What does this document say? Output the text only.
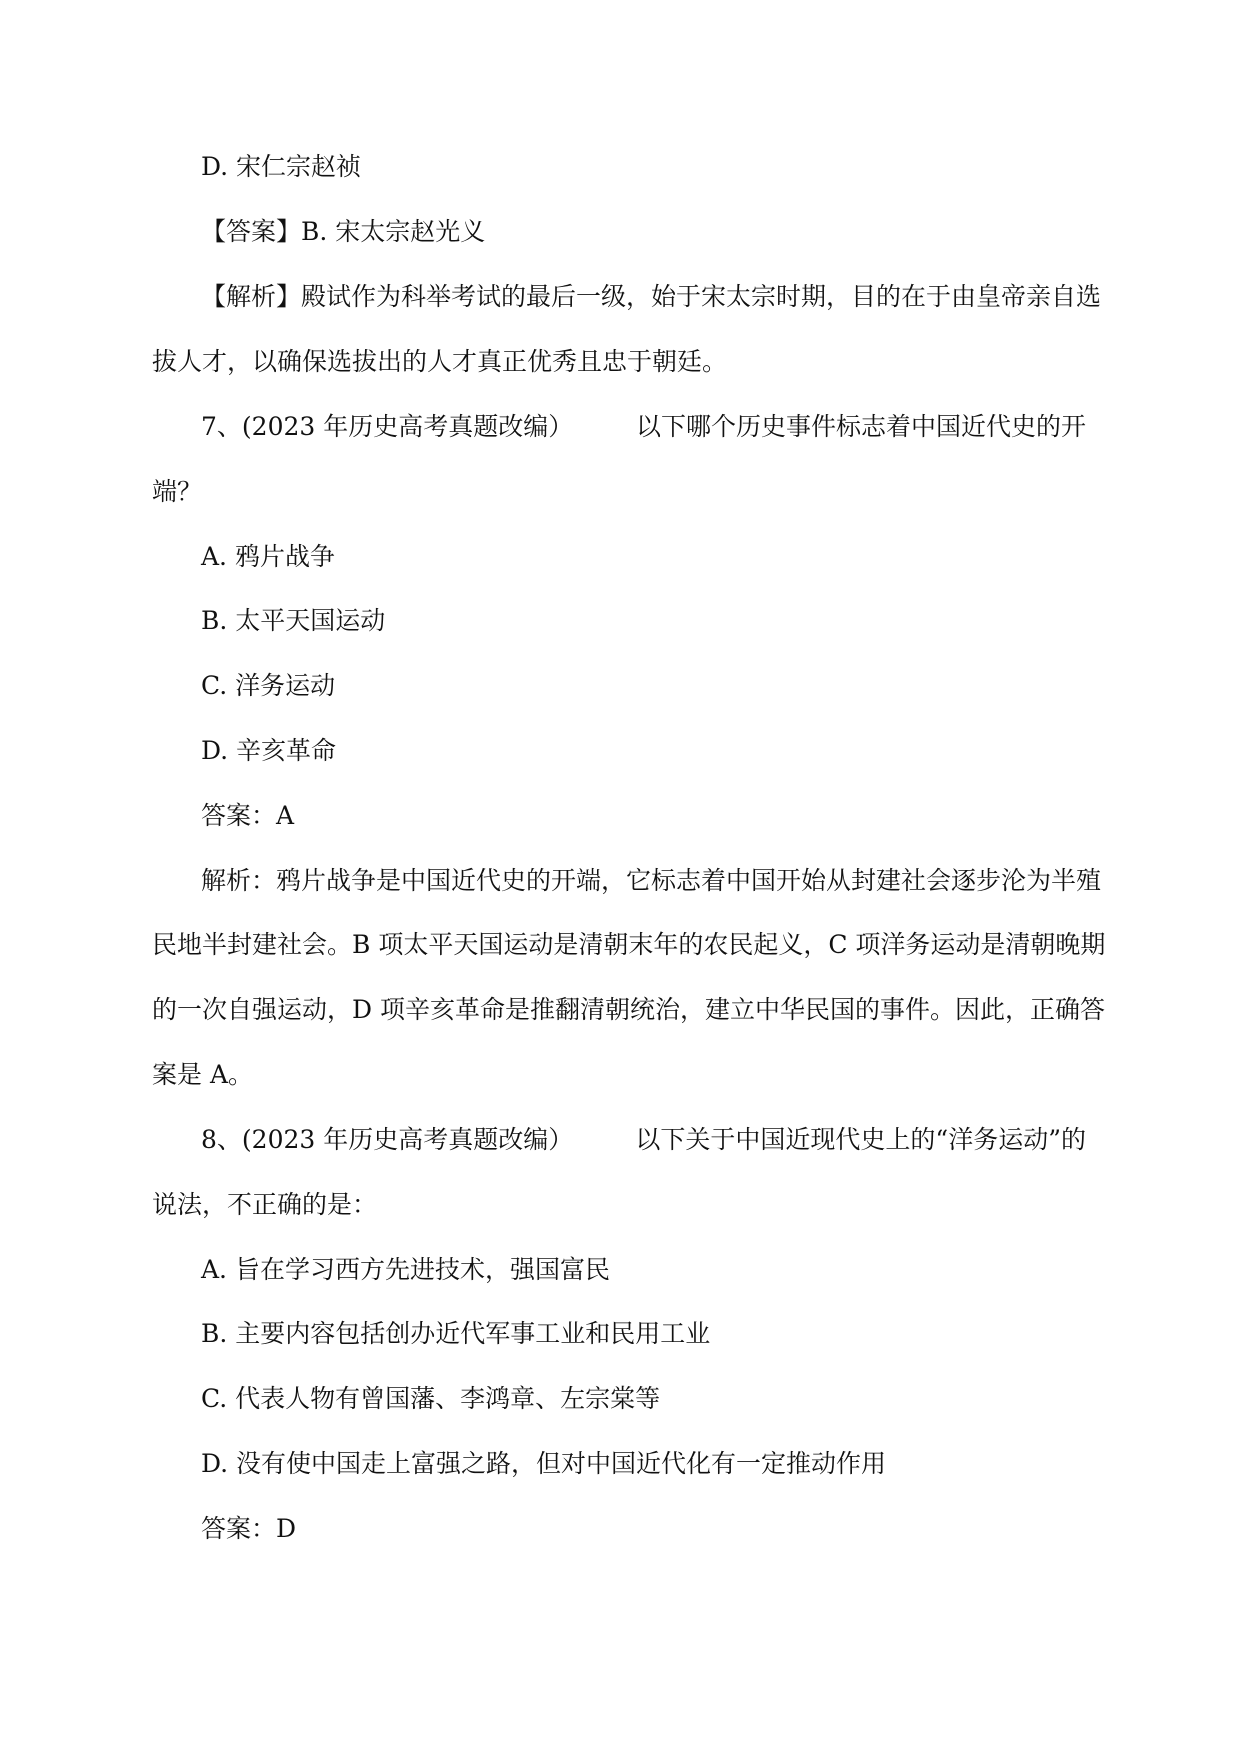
D. 宋仁宗赵祯
【答案】B. 宋太宗赵光义
【解析】殿试作为科举考试的最后一级，始于宋太宗时期，目的在于由皇帝亲自选
拔人才，以确保选拔出的人才真正优秀且忠于朝廷。
7、(2023 年历史高考真题改编）	以下哪个历史事件标志着中国近代史的开
端？
A. 鸦片战争
B. 太平天国运动
C. 洋务运动
D. 辛亥革命
答案：A
解析：鸦片战争是中国近代史的开端，它标志着中国开始从封建社会逐步沦为半殖
民地半封建社会。B 项太平天国运动是清朝末年的农民起义，C 项洋务运动是清朝晚期
的一次自强运动，D 项辛亥革命是推翻清朝统治，建立中华民国的事件。因此，正确答
案是 A。
8、(2023 年历史高考真题改编）	以下关于中国近现代史上的“洋务运动”的
说法，不正确的是：
A. 旨在学习西方先进技术，强国富民
B. 主要内容包括创办近代军事工业和民用工业
C. 代表人物有曾国藩、李鸿章、左宗棠等
D. 没有使中国走上富强之路，但对中国近代化有一定推动作用
答案：D
